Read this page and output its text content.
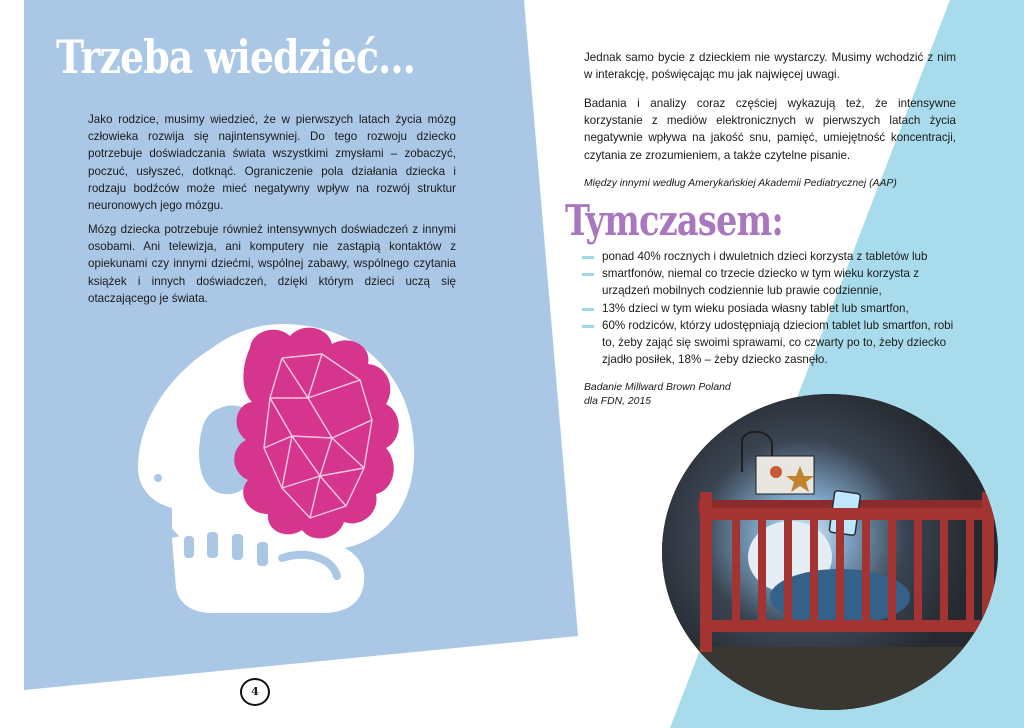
Trzeba wiedzieć…

Jako rodzice, musimy wiedzieć, że w pierwszych latach życia mózg człowieka rozwija się najintensywniej. Do tego rozwoju dziecko potrzebuje doświadczania świata wszystkimi zmysłami – zobaczyć, poczuć, usłyszeć, dotknąć. Ograniczenie pola działania dziecka i rodzaju bodźców może mieć negatywny wpływ na rozwój struktur neuronowych jego mózgu.

Mózg dziecka potrzebuje również intensywnych doświadczeń z innymi osobami. Ani telewizja, ani komputery nie zastąpią kontaktów z opiekunami czy innymi dziećmi, wspólnej zabawy, wspólnego czytania książek i innych doświadczeń, dzięki którym dzieci uczą się otaczającego je świata.

4

Jednak samo bycie z dzieckiem nie wystarczy. Musimy wchodzić z nim w interakcję, poświęcając mu jak najwięcej uwagi.

Badania i analizy coraz częściej wykazują też, że intensywne korzystanie z mediów elektronicznych w pierwszych latach życia negatywnie wpływa na jakość snu, pamięć, umiejętność koncentracji, czytania ze zrozumieniem, a także czytelne pisanie.

Między innymi według Amerykańskiej Akademii Pediatrycznej (AAP)

Tymczasem:
ponad 40% rocznych i dwuletnich dzieci korzysta z tabletów lub smartfonów, niemal co trzecie dziecko w tym wieku korzysta z urządzeń mobilnych codziennie lub prawie codziennie,
13% dzieci w tym wieku posiada własny tablet lub smartfon,
60% rodziców, którzy udostępniają dzieciom tablet lub smartfon, robi to, żeby zająć się swoimi sprawami, co czwarty po to, żeby dziecko zjadło posiłek, 18% – żeby dziecko zasnęło.
Badanie Millward Brown Poland
dla FDN, 2015
